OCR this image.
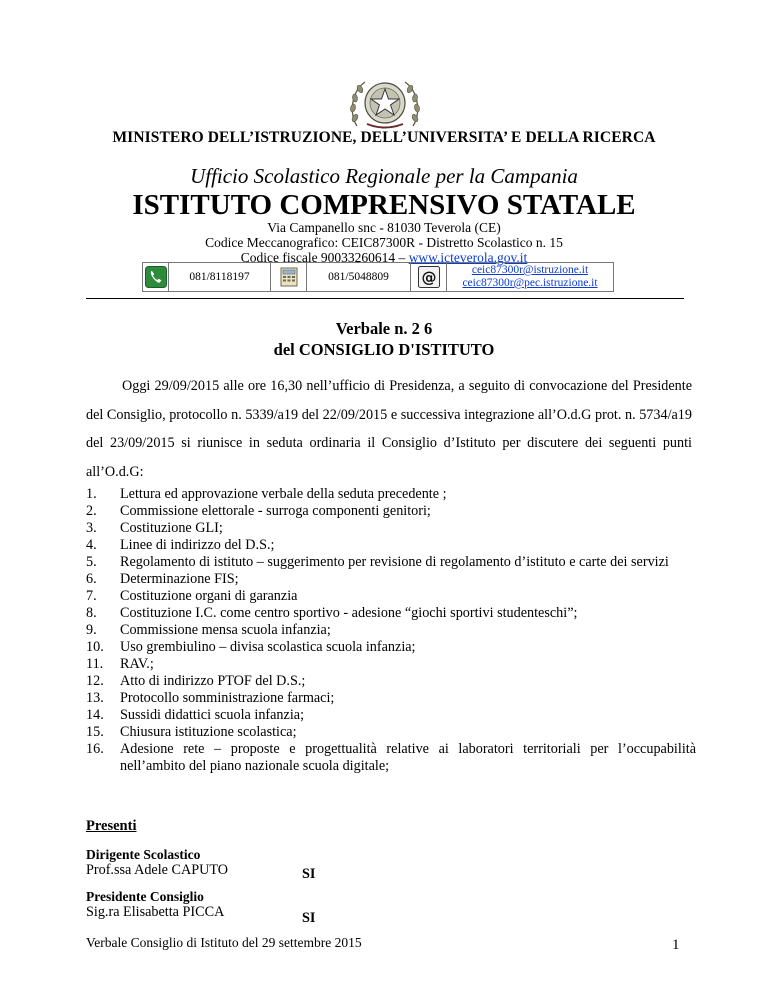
MINISTERO DELL’ISTRUZIONE, DELL’UNIVERSITA’ E DELLA RICERCA
Ufficio Scolastico Regionale per la Campania
ISTITUTO COMPRENSIVO STATALE
Via Campanello snc - 81030 Teverola (CE)
Codice Meccanografico: CEIC87300R - Distretto Scolastico n. 15
Codice fiscale 90033260614 – www.icteverola.gov.it
081/8118197	081/5048809	@	ceic87300r@istruzione.it
ceic87300r@pec.istruzione.it
Verbale n. 2 6
del CONSIGLIO D'ISTITUTO
Oggi 29/09/2015 alle ore 16,30 nell’ufficio di Presidenza, a seguito di convocazione del Presidente del Consiglio, protocollo n. 5339/a19 del 22/09/2015 e successiva integrazione all’O.d.G prot. n. 5734/a19 del 23/09/2015 si riunisce in seduta ordinaria il Consiglio d’Istituto per discutere dei seguenti punti all’O.d.G:
1.	Lettura ed approvazione verbale della seduta precedente ;
2.	Commissione elettorale - surroga componenti genitori;
3.	Costituzione GLI;
4.	Linee di indirizzo del D.S.;
5.	Regolamento di istituto – suggerimento per revisione di regolamento d’istituto e carte dei servizi
6.	Determinazione FIS;
7.	Costituzione organi di garanzia
8.	Costituzione I.C. come centro sportivo - adesione “giochi sportivi studenteschi”;
9.	Commissione mensa scuola infanzia;
10.	Uso grembiulino – divisa scolastica scuola infanzia;
11.	RAV.;
12.	Atto di indirizzo PTOF del D.S.;
13.	Protocollo somministrazione farmaci;
14.	Sussidi didattici scuola infanzia;
15.	Chiusura istituzione scolastica;
16.	Adesione rete – proposte e progettualità relative ai laboratori territoriali per l’occupabilità nell’ambito del piano nazionale scuola digitale;
Presenti
Dirigente Scolastico
Prof.ssa Adele CAPUTO	SI
Presidente Consiglio
Sig.ra Elisabetta PICCA	SI
Verbale Consiglio di Istituto del 29 settembre 2015	1
